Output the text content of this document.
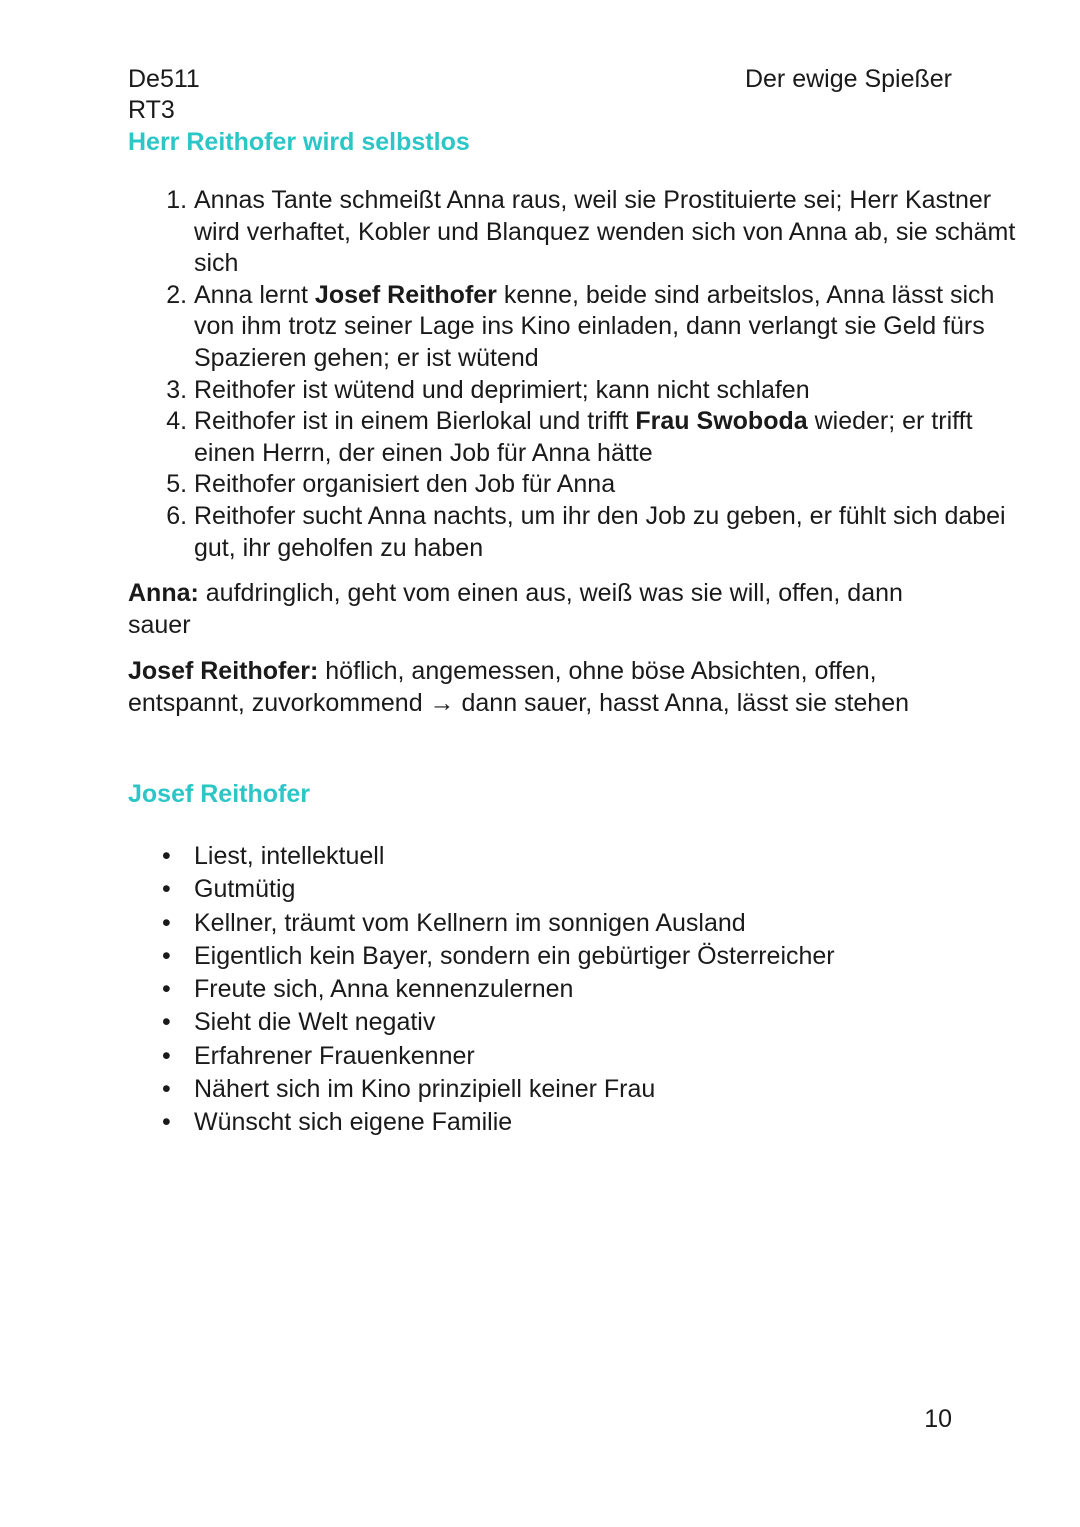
De511
RT3
Der ewige Spießer
Herr Reithofer wird selbstlos
1. Annas Tante schmeißt Anna raus, weil sie Prostituierte sei; Herr Kastner wird verhaftet, Kobler und Blanquez wenden sich von Anna ab, sie schämt sich
2. Anna lernt Josef Reithofer kenne, beide sind arbeitslos, Anna lässt sich von ihm trotz seiner Lage ins Kino einladen, dann verlangt sie Geld fürs Spazieren gehen; er ist wütend
3. Reithofer ist wütend und deprimiert; kann nicht schlafen
4. Reithofer ist in einem Bierlokal und trifft Frau Swoboda wieder; er trifft einen Herrn, der einen Job für Anna hätte
5. Reithofer organisiert den Job für Anna
6. Reithofer sucht Anna nachts, um ihr den Job zu geben, er fühlt sich dabei gut, ihr geholfen zu haben

Anna: aufdringlich, geht vom einen aus, weiß was sie will, offen, dann sauer

Josef Reithofer: höflich, angemessen, ohne böse Absichten, offen, entspannt, zuvorkommend → dann sauer, hasst Anna, lässt sie stehen

Josef Reithofer
• Liest, intellektuell
• Gutmütig
• Kellner, träumt vom Kellnern im sonnigen Ausland
• Eigentlich kein Bayer, sondern ein gebürtiger Österreicher
• Freute sich, Anna kennenzulernen
• Sieht die Welt negativ
• Erfahrener Frauenkenner
• Nähert sich im Kino prinzipiell keiner Frau
• Wünscht sich eigene Familie
10
